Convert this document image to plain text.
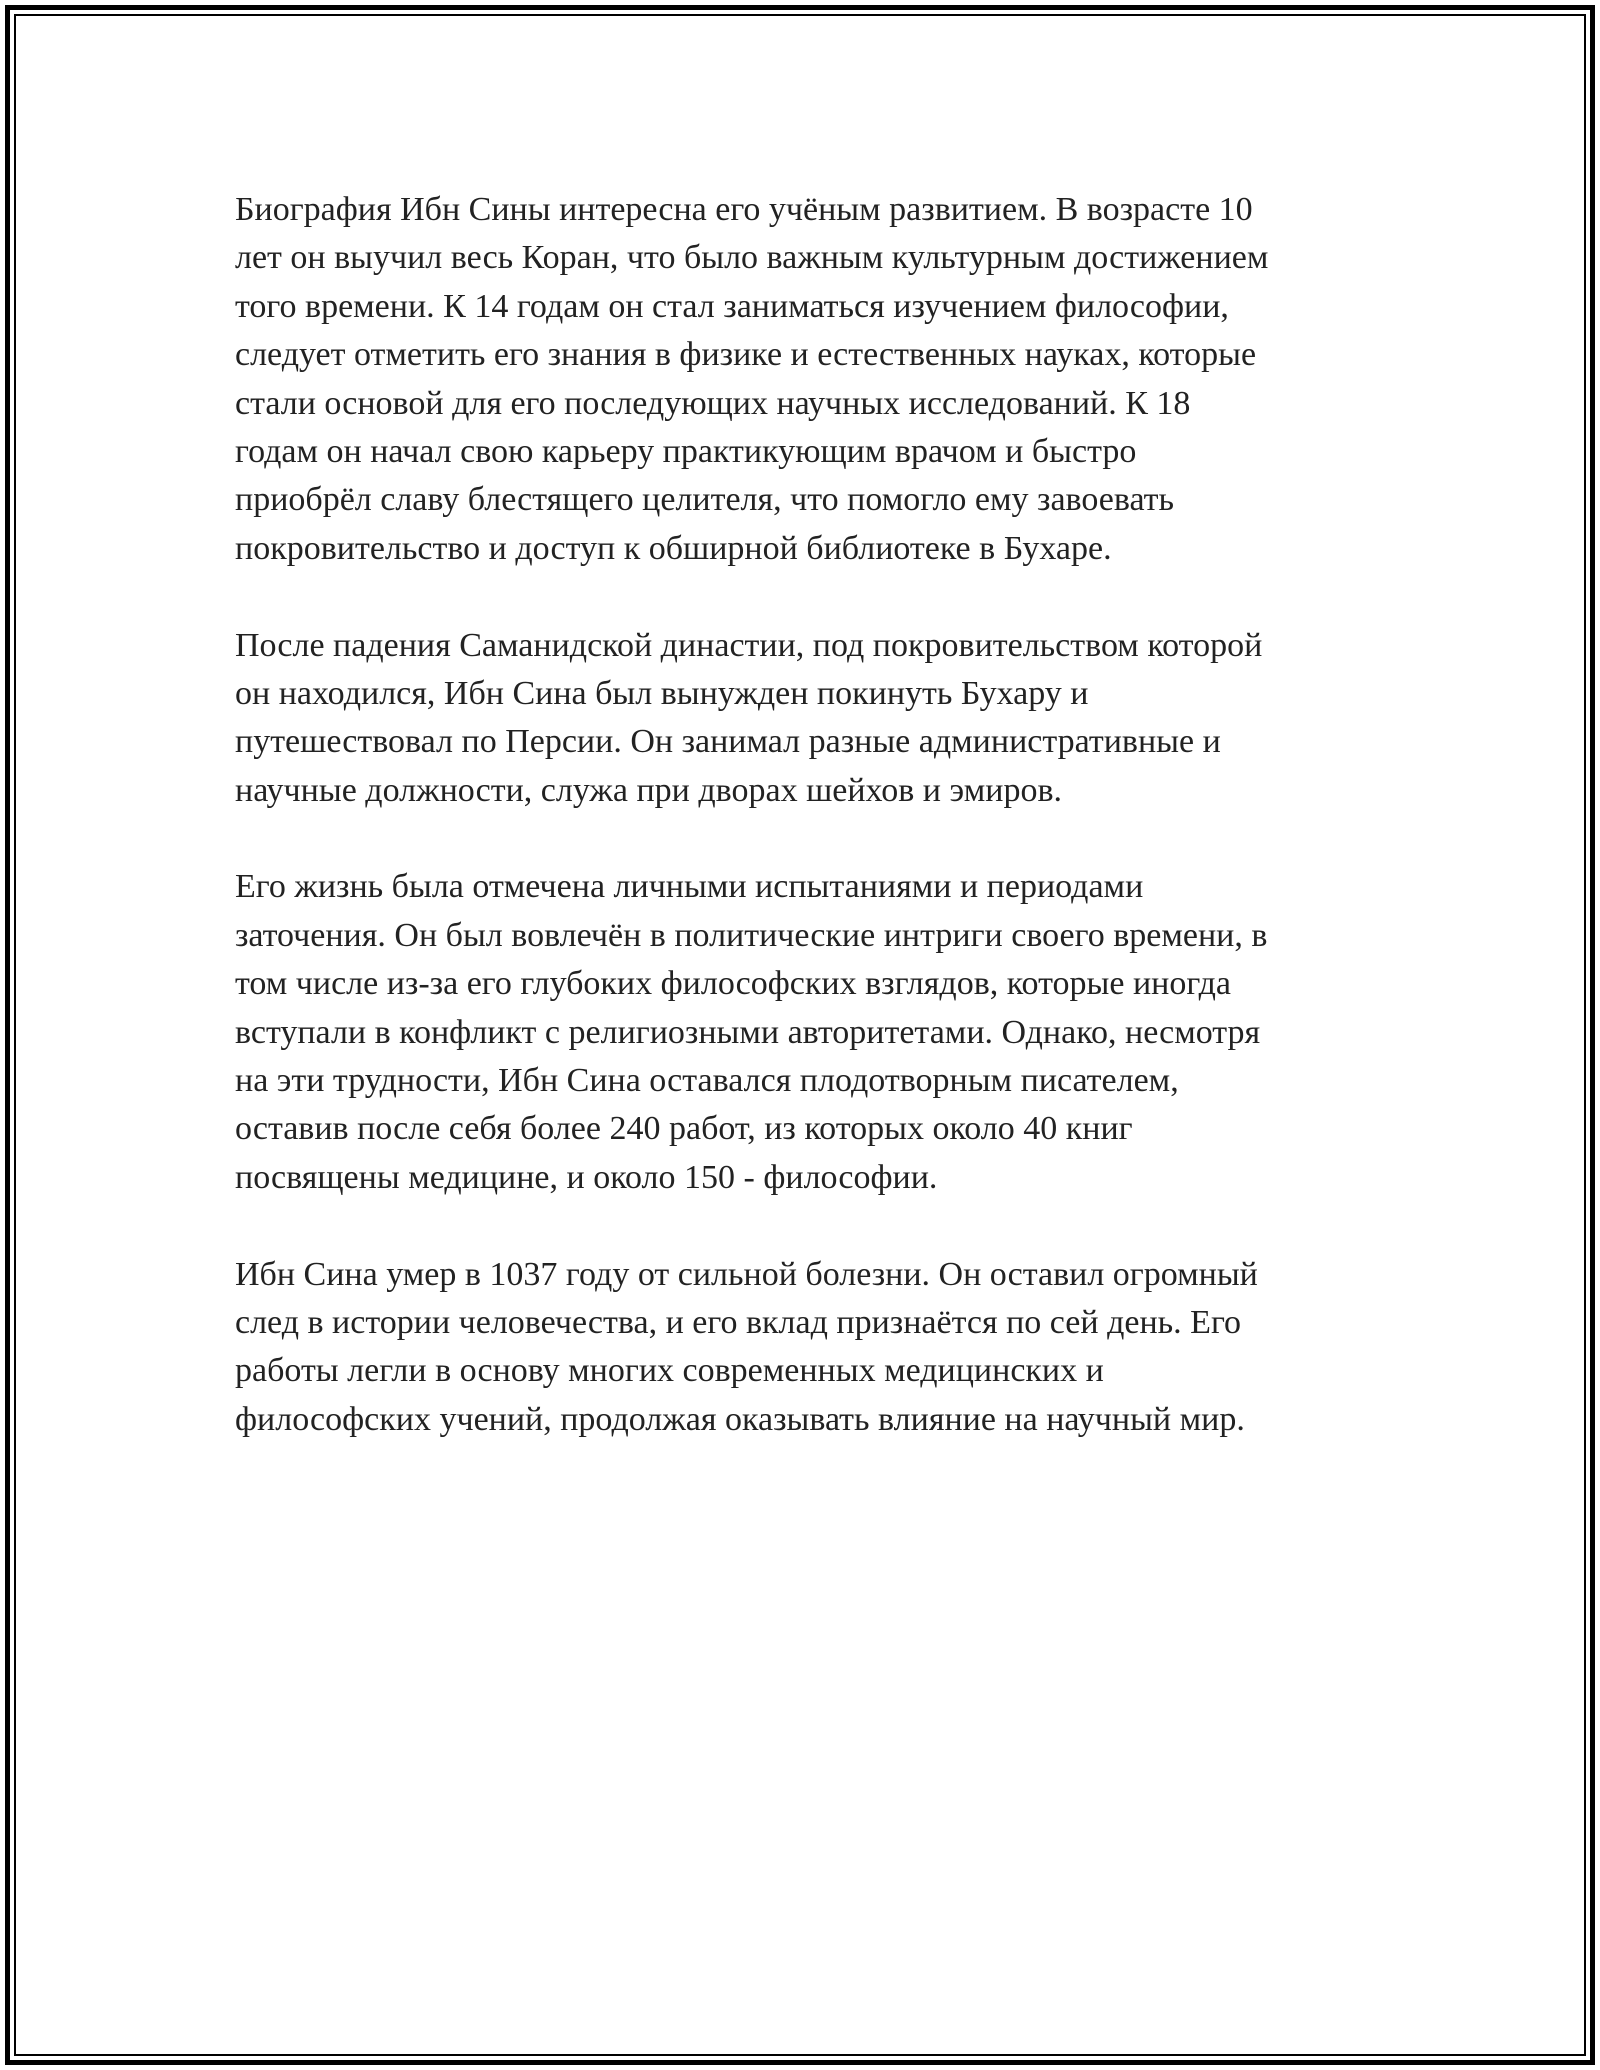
Биография Ибн Сины интересна его учёным развитием. В возрасте 10
лет он выучил весь Коран, что было важным культурным достижением
того времени. К 14 годам он стал заниматься изучением философии,
следует отметить его знания в физике и естественных науках, которые
стали основой для его последующих научных исследований. К 18
годам он начал свою карьеру практикующим врачом и быстро
приобрёл славу блестящего целителя, что помогло ему завоевать
покровительство и доступ к обширной библиотеке в Бухаре.

После падения Саманидской династии, под покровительством которой
он находился, Ибн Сина был вынужден покинуть Бухару и
путешествовал по Персии. Он занимал разные административные и
научные должности, служа при дворах шейхов и эмиров.

Его жизнь была отмечена личными испытаниями и периодами
заточения. Он был вовлечён в политические интриги своего времени, в
том числе из-за его глубоких философских взглядов, которые иногда
вступали в конфликт с религиозными авторитетами. Однако, несмотря
на эти трудности, Ибн Сина оставался плодотворным писателем,
оставив после себя более 240 работ, из которых около 40 книг
посвящены медицине, и около 150 - философии.

Ибн Сина умер в 1037 году от сильной болезни. Он оставил огромный
след в истории человечества, и его вклад признаётся по сей день. Его
работы легли в основу многих современных медицинских и
философских учений, продолжая оказывать влияние на научный мир.
